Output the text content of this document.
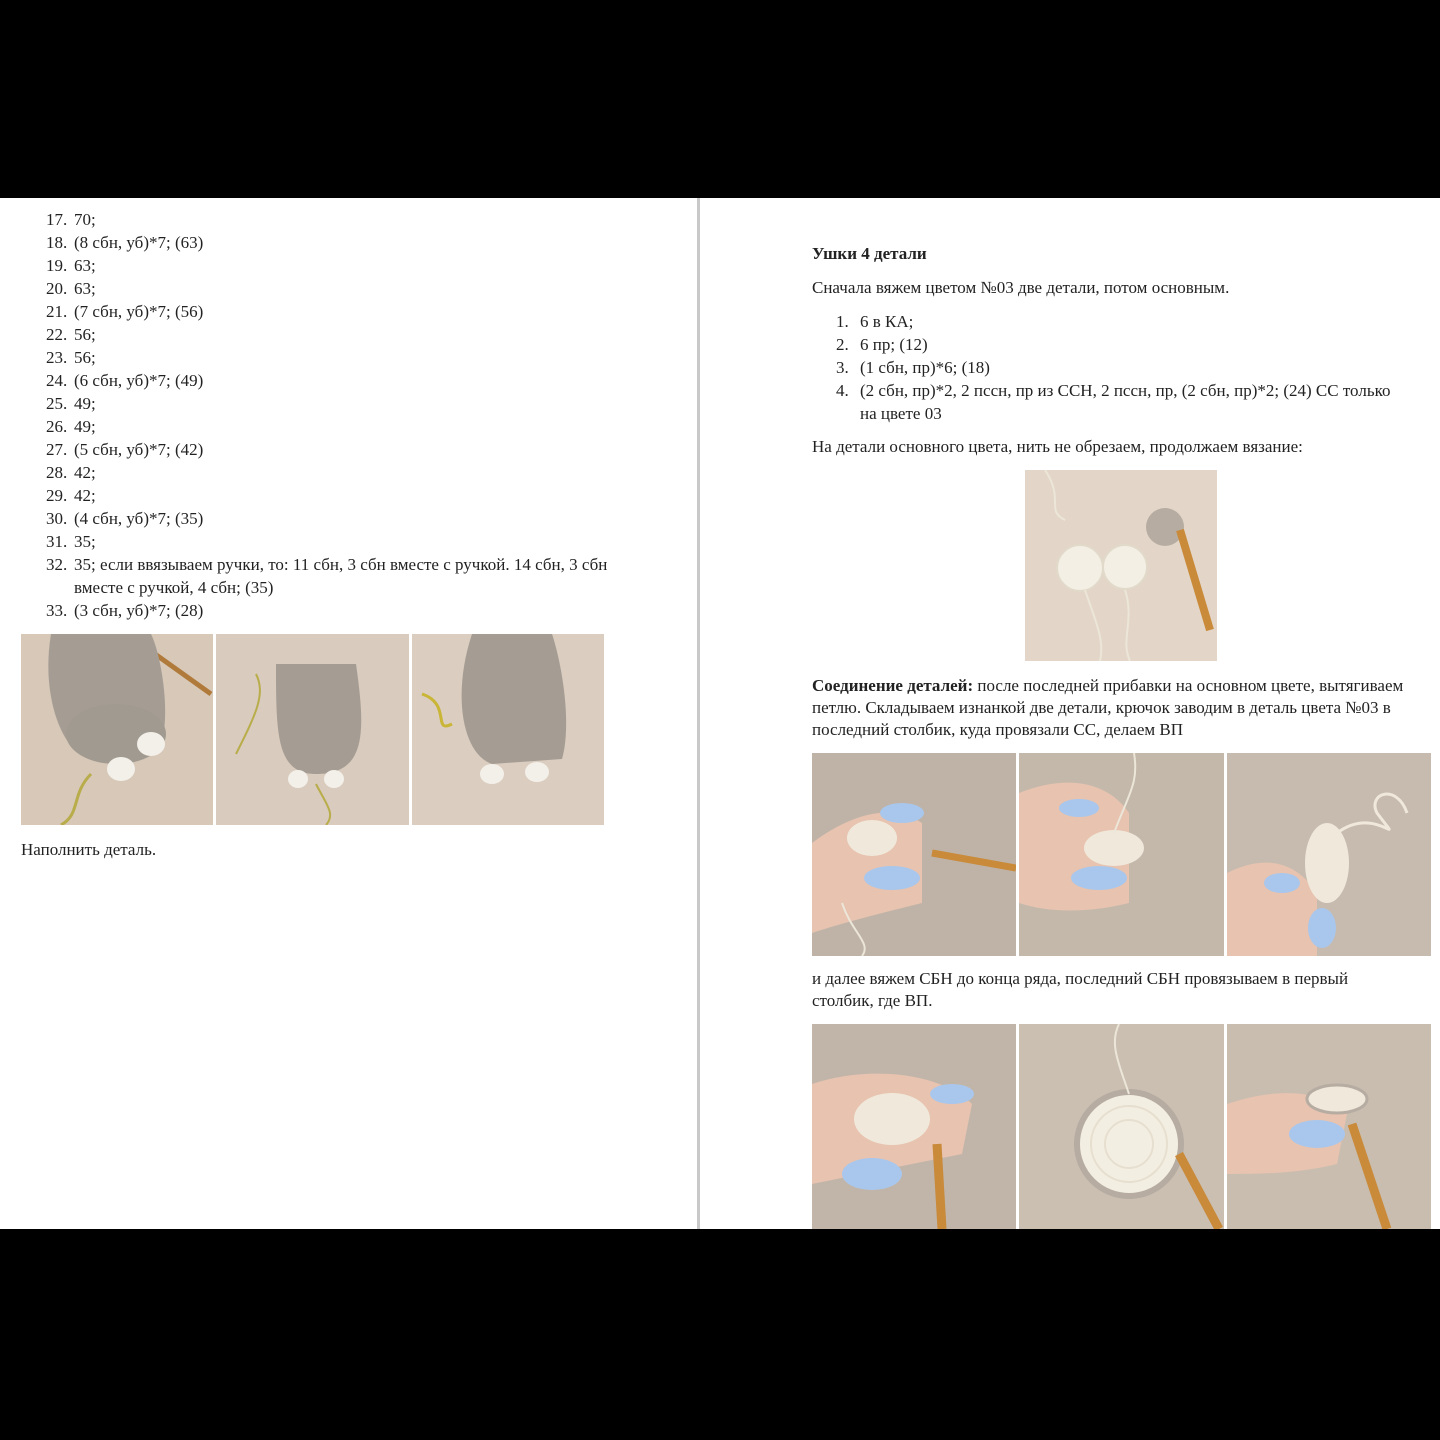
17. 70;
18. (8 сбн, уб)*7; (63)
19. 63;
20. 63;
21. (7 сбн, уб)*7; (56)
22. 56;
23. 56;
24. (6 сбн, уб)*7; (49)
25. 49;
26. 49;
27. (5 сбн, уб)*7; (42)
28. 42;
29. 42;
30. (4 сбн, уб)*7; (35)
31. 35;
32. 35; если ввязываем ручки, то: 11 сбн, 3 сбн вместе с ручкой. 14 сбн, 3 сбн вместе с ручкой, 4 сбн; (35)
33. (3 сбн, уб)*7; (28)

Наполнить деталь.

Ушки 4 детали

Сначала вяжем цветом №03 две детали, потом основным.

1. 6 в КА;
2. 6 пр; (12)
3. (1 сбн, пр)*6; (18)
4. (2 сбн, пр)*2, 2 пссн, пр из ССН, 2 пссн, пр, (2 сбн, пр)*2; (24) СС только на цвете 03

На детали основного цвета, нить не обрезаем, продолжаем вязание:

Соединение деталей: после последней прибавки на основном цвете, вытягиваем петлю. Складываем изнанкой две детали, крючок заводим в деталь цвета №03 в последний столбик, куда провязали СС, делаем ВП

и далее вяжем СБН до конца ряда, последний СБН провязываем в первый столбик, где ВП.
